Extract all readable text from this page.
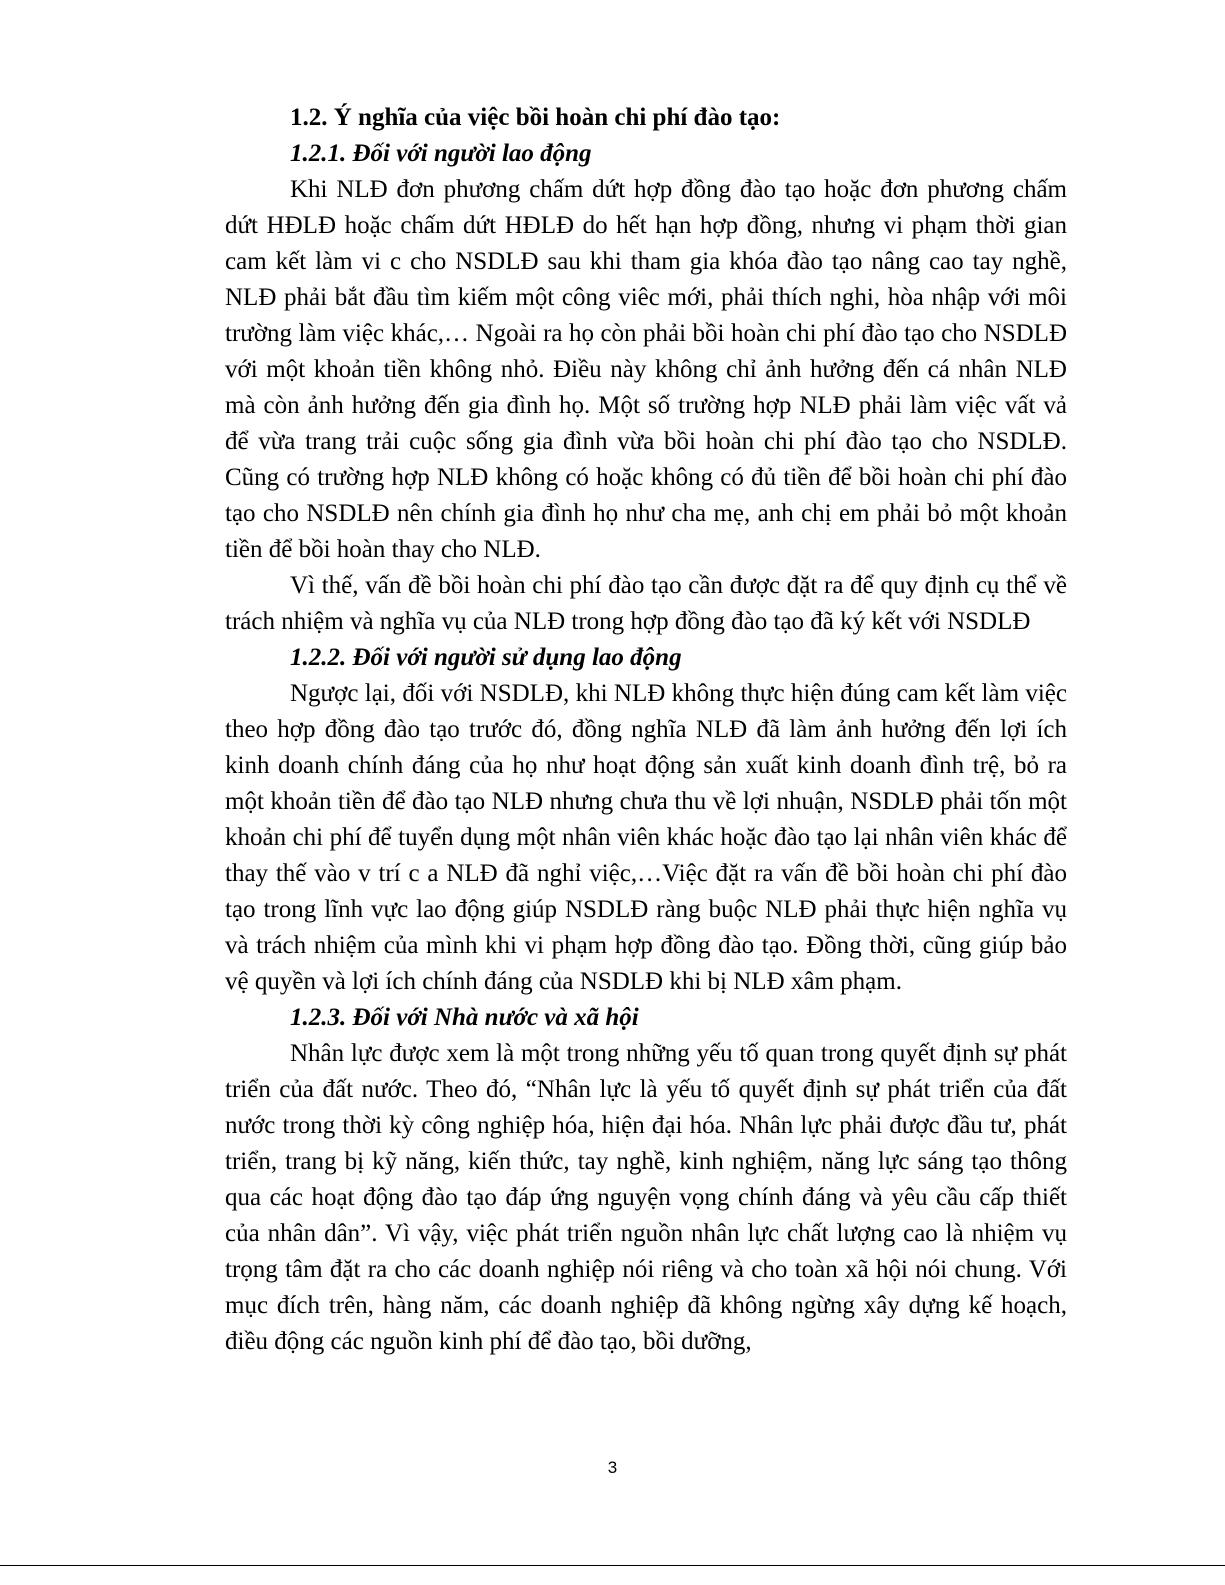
1.2. Ý nghĩa của việc bồi hoàn chi phí đào tạo:

1.2.1. Đối với người lao động

Khi NLĐ đơn phương chấm dứt hợp đồng đào tạo hoặc đơn phương chấm dứt HĐLĐ hoặc chấm dứt HĐLĐ do hết hạn hợp đồng, nhưng vi phạm thời gian cam kết làm vi c cho NSDLĐ sau khi tham gia khóa đào tạo nâng cao tay nghề, NLĐ phải bắt đầu tìm kiếm một công viêc mới, phải thích nghi, hòa nhập với môi trường làm việc khác,… Ngoài ra họ còn phải bồi hoàn chi phí đào tạo cho NSDLĐ với một khoản tiền không nhỏ. Điều này không chỉ ảnh hưởng đến cá nhân NLĐ mà còn ảnh hưởng đến gia đình họ. Một số trường hợp NLĐ phải làm việc vất vả để vừa trang trải cuộc sống gia đình vừa bồi hoàn chi phí đào tạo cho NSDLĐ. Cũng có trường hợp NLĐ không có hoặc không có đủ tiền để bồi hoàn chi phí đào tạo cho NSDLĐ nên chính gia đình họ như cha mẹ, anh chị em phải bỏ một khoản tiền để bồi hoàn thay cho NLĐ.

Vì thế, vấn đề bồi hoàn chi phí đào tạo cần được đặt ra để quy định cụ thể về trách nhiệm và nghĩa vụ của NLĐ trong hợp đồng đào tạo đã ký kết với NSDLĐ

1.2.2. Đối với người sử dụng lao động

Ngược lại, đối với NSDLĐ, khi NLĐ không thực hiện đúng cam kết làm việc theo hợp đồng đào tạo trước đó, đồng nghĩa NLĐ đã làm ảnh hưởng đến lợi ích kinh doanh chính đáng của họ như hoạt động sản xuất kinh doanh đình trệ, bỏ ra một khoản tiền để đào tạo NLĐ nhưng chưa thu về lợi nhuận, NSDLĐ phải tốn một khoản chi phí để tuyển dụng một nhân viên khác hoặc đào tạo lại nhân viên khác để thay thế vào v trí c a NLĐ đã nghỉ việc,…Việc đặt ra vấn đề bồi hoàn chi phí đào tạo trong lĩnh vực lao động giúp NSDLĐ ràng buộc NLĐ phải thực hiện nghĩa vụ và trách nhiệm của mình khi vi phạm hợp đồng đào tạo. Đồng thời, cũng giúp bảo vệ quyền và lợi ích chính đáng của NSDLĐ khi bị NLĐ xâm phạm.

1.2.3. Đối với Nhà nước và xã hội

Nhân lực được xem là một trong những yếu tố quan trong quyết định sự phát triển của đất nước. Theo đó, “Nhân lực là yếu tố quyết định sự phát triển của đất nước trong thời kỳ công nghiệp hóa, hiện đại hóa. Nhân lực phải được đầu tư, phát triển, trang bị kỹ năng, kiến thức, tay nghề, kinh nghiệm, năng lực sáng tạo thông qua các hoạt động đào tạo đáp ứng nguyện vọng chính đáng và yêu cầu cấp thiết của nhân dân”. Vì vậy, việc phát triển nguồn nhân lực chất lượng cao là nhiệm vụ trọng tâm đặt ra cho các doanh nghiệp nói riêng và cho toàn xã hội nói chung. Với mục đích trên, hàng năm, các doanh nghiệp đã không ngừng xây dựng kế hoạch, điều động các nguồn kinh phí để đào tạo, bồi dưỡng,

3
